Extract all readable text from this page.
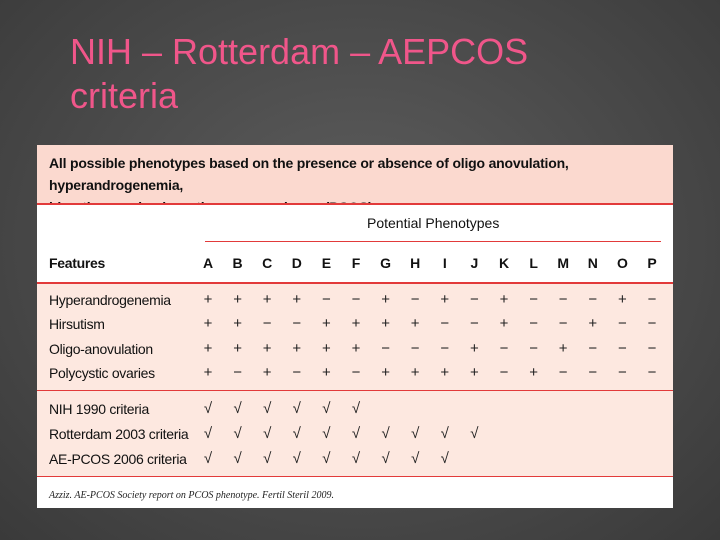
NIH – Rotterdam – AEPCOS
criteria
All possible phenotypes based on the presence or absence of oligo anovulation, hyperandrogenemia,
Potential Phenotypes
Features	A	B	C	D	E	F	G	H	I	J	K	L	M	N	O	P
Hyperandrogenemia	+	+	+	+	−	−	+	−	+	−	+	−	−	−	+	−
Hirsutism	+	+	−	−	+	+	+	+	−	−	+	−	−	+	−	−
Oligo-anovulation	+	+	+	+	+	+	−	−	−	+	−	−	+	−	−	−
Polycystic ovaries	+	−	+	−	+	−	+	+	+	+	−	+	−	−	−	−
NIH 1990 criteria	√	√	√	√	√	√
Rotterdam 2003 criteria	√	√	√	√	√	√	√	√	√	√
AE-PCOS 2006 criteria	√	√	√	√	√	√	√	√	√
Azziz. AE-PCOS Society report on PCOS phenotype. Fertil Steril 2009.
